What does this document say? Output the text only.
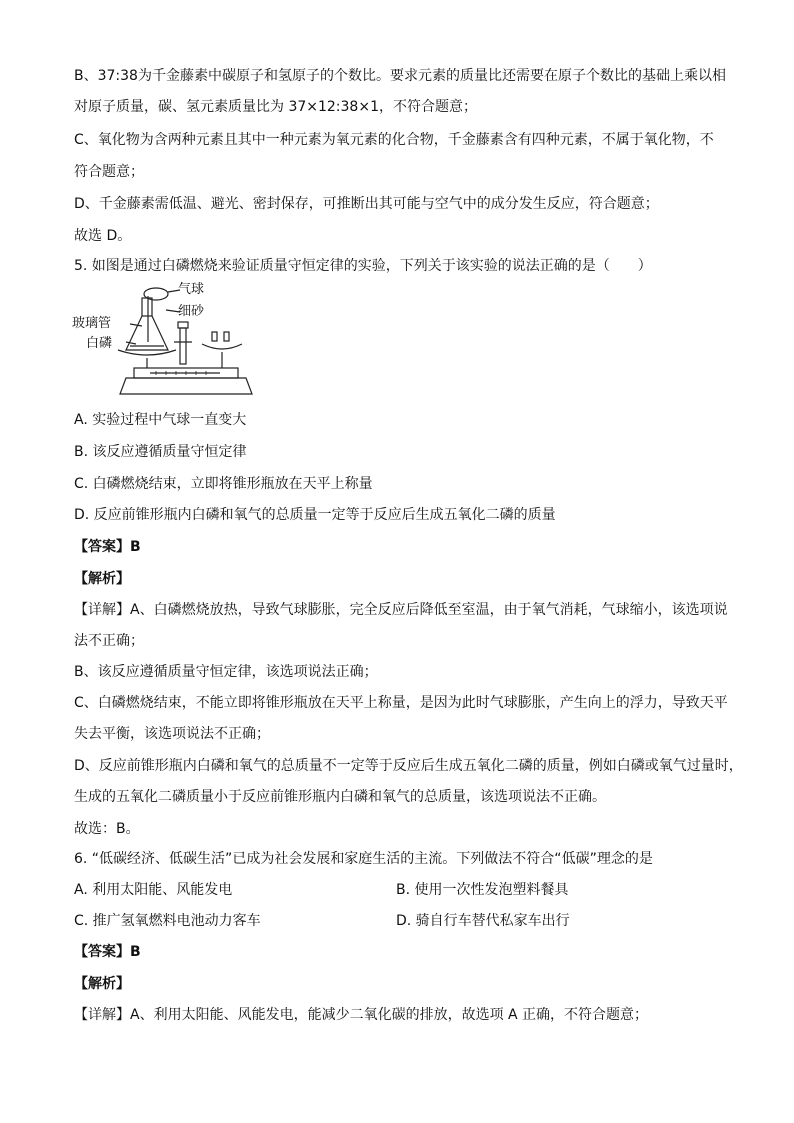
B、37:38为千金藤素中碳原子和氢原子的个数比。要求元素的质量比还需要在原子个数比的基础上乘以相
对原子质量，碳、氢元素质量比为 37×12:38×1，不符合题意；
C、氧化物为含两种元素且其中一种元素为氧元素的化合物，千金藤素含有四种元素，不属于氧化物，不
符合题意；
D、千金藤素需低温、避光、密封保存，可推断出其可能与空气中的成分发生反应，符合题意；
故选 D。
5. 如图是通过白磷燃烧来验证质量守恒定律的实验，下列关于该实验的说法正确的是（　　）
气球
细砂
玻璃管
白磷
A. 实验过程中气球一直变大
B. 该反应遵循质量守恒定律
C. 白磷燃烧结束，立即将锥形瓶放在天平上称量
D. 反应前锥形瓶内白磷和氧气的总质量一定等于反应后生成五氧化二磷的质量
【答案】B
【解析】
【详解】A、白磷燃烧放热，导致气球膨胀，完全反应后降低至室温，由于氧气消耗，气球缩小，该选项说
法不正确；
B、该反应遵循质量守恒定律，该选项说法正确；
C、白磷燃烧结束，不能立即将锥形瓶放在天平上称量，是因为此时气球膨胀，产生向上的浮力，导致天平
失去平衡，该选项说法不正确；
D、反应前锥形瓶内白磷和氧气的总质量不一定等于反应后生成五氧化二磷的质量，例如白磷或氧气过量时，
生成的五氧化二磷质量小于反应前锥形瓶内白磷和氧气的总质量，该选项说法不正确。
故选：B。
6. “低碳经济、低碳生活”已成为社会发展和家庭生活的主流。下列做法不符合“低碳”理念的是
A. 利用太阳能、风能发电	B. 使用一次性发泡塑料餐具
C. 推广氢氧燃料电池动力客车	D. 骑自行车替代私家车出行
【答案】B
【解析】
【详解】A、利用太阳能、风能发电，能减少二氧化碳的排放，故选项 A 正确，不符合题意；
